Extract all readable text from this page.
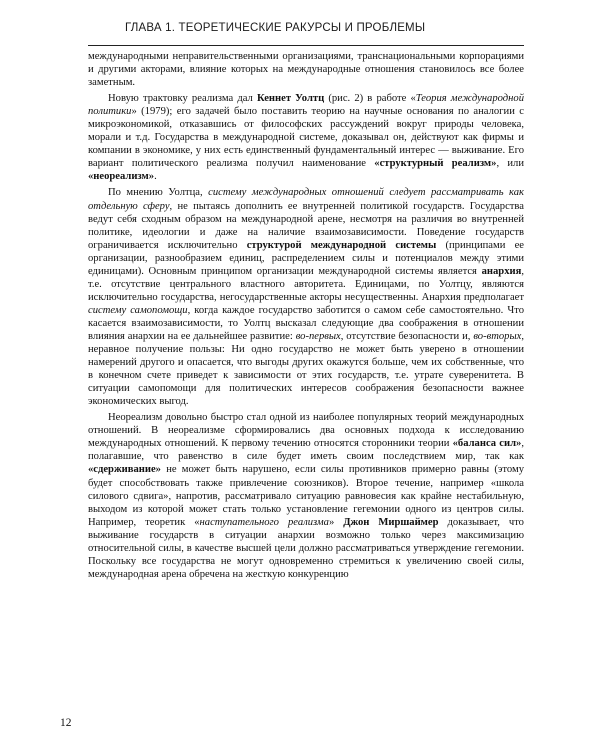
ГЛАВА 1. ТЕОРЕТИЧЕСКИЕ РАКУРСЫ И ПРОБЛЕМЫ

международными неправительственными организациями, транснациональными корпорациями и другими акторами, влияние которых на международные отношения становилось все более заметным.

Новую трактовку реализма дал Кеннет Уолтц (рис. 2) в работе «Теория международной политики» (1979); его задачей было поставить теорию на научные основания по аналогии с микроэкономикой, отказавшись от философских рассуждений вокруг природы человека, морали и т.д. Государства в международной системе, доказывал он, действуют как фирмы и компании в экономике, у них есть единственный фундаментальный интерес — выживание. Его вариант политического реализма получил наименование «структурный реализм», или «неореализм».

По мнению Уолтца, систему международных отношений следует рассматривать как отдельную сферу, не пытаясь дополнить ее внутренней политикой государств. Государства ведут себя сходным образом на международной арене, несмотря на различия во внутренней политике, идеологии и даже на наличие взаимозависимости. Поведение государств ограничивается исключительно структурой международной системы (принципами ее организации, разнообразием единиц, распределением силы и потенциалов между этими единицами). Основным принципом организации международной системы является анархия, т.е. отсутствие центрального властного авторитета. Единицами, по Уолтцу, являются исключительно государства, негосударственные акторы несущественны. Анархия предполагает систему самопомощи, когда каждое государство заботится о самом себе самостоятельно. Что касается взаимозависимости, то Уолтц высказал следующие два соображения в отношении влияния анархии на ее дальнейшее развитие: во-первых, отсутствие безопасности и, во-вторых, неравное получение пользы: Ни одно государство не может быть уверено в отношении намерений другого и опасается, что выгоды других окажутся больше, чем их собственные, что в конечном счете приведет к зависимости от этих государств, т.е. утрате суверенитета. В ситуации самопомощи для политических интересов соображения безопасности важнее экономических выгод.

Неореализм довольно быстро стал одной из наиболее популярных теорий международных отношений. В неореализме сформировались два основных подхода к исследованию международных отношений. К первому течению относятся сторонники теории «баланса сил», полагавшие, что равенство в силе будет иметь своим последствием мир, так как «сдерживание» не может быть нарушено, если силы противников примерно равны (этому будет способствовать также привлечение союзников). Второе течение, например «школа силового сдвига», напротив, рассматривало ситуацию равновесия как крайне нестабильную, выходом из которой может стать только установление гегемонии одного из центров силы. Например, теоретик «наступательного реализма» Джон Миршаймер доказывает, что выживание государств в ситуации анархии возможно только через максимизацию относительной силы, в качестве высшей цели должно рассматриваться утверждение гегемонии. Поскольку все государства не могут одновременно стремиться к увеличению своей силы, международная арена обречена на жесткую конкуренцию

12
